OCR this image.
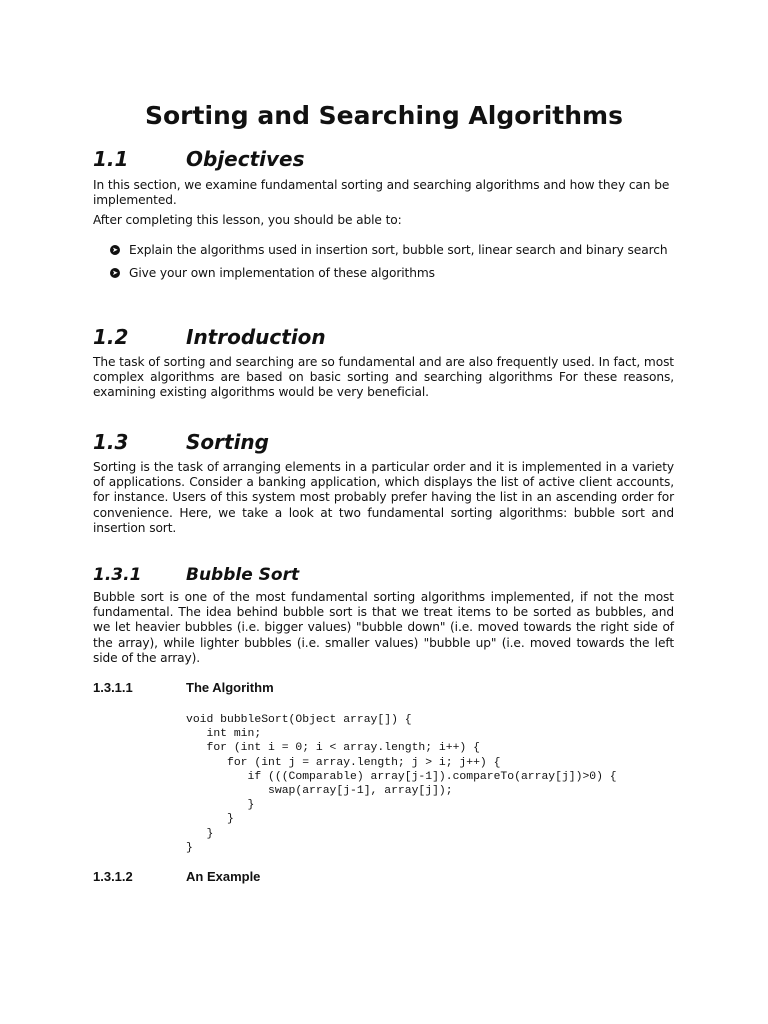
Sorting and Searching Algorithms
1.1	Objectives

In this section, we examine fundamental sorting and searching algorithms and how they can be implemented.

After completing this lesson, you should be able to:

➤ Explain the algorithms used in insertion sort, bubble sort, linear search and binary search
➤ Give your own implementation of these algorithms
1.2	Introduction

The task of sorting and searching are so fundamental and are also frequently used. In fact, most complex algorithms are based on basic sorting and searching algorithms For these reasons, examining existing algorithms would be very beneficial.

1.3	Sorting

Sorting is the task of arranging elements in a particular order and it is implemented in a variety of applications. Consider a banking application, which displays the list of active client accounts, for instance. Users of this system most probably prefer having the list in an ascending order for convenience. Here, we take a look at two fundamental sorting algorithms: bubble sort and insertion sort.

1.3.1	Bubble Sort

Bubble sort is one of the most fundamental sorting algorithms implemented, if not the most fundamental. The idea behind bubble sort is that we treat items to be sorted as bubbles, and we let heavier bubbles (i.e. bigger values) "bubble down" (i.e. moved towards the right side of the array), while lighter bubbles (i.e. smaller values) "bubble up" (i.e. moved towards the left side of the array).

1.3.1.1	The Algorithm
void bubbleSort(Object array[]) {
int min;
for (int i = 0; i < array.length; i++) {
for (int j = array.length; j > i; j++) {
if (((Comparable) array[j-1]).compareTo(array[j])>0) {
swap(array[j-1], array[j]);
}
}
}
}
1.3.1.2	An Example
